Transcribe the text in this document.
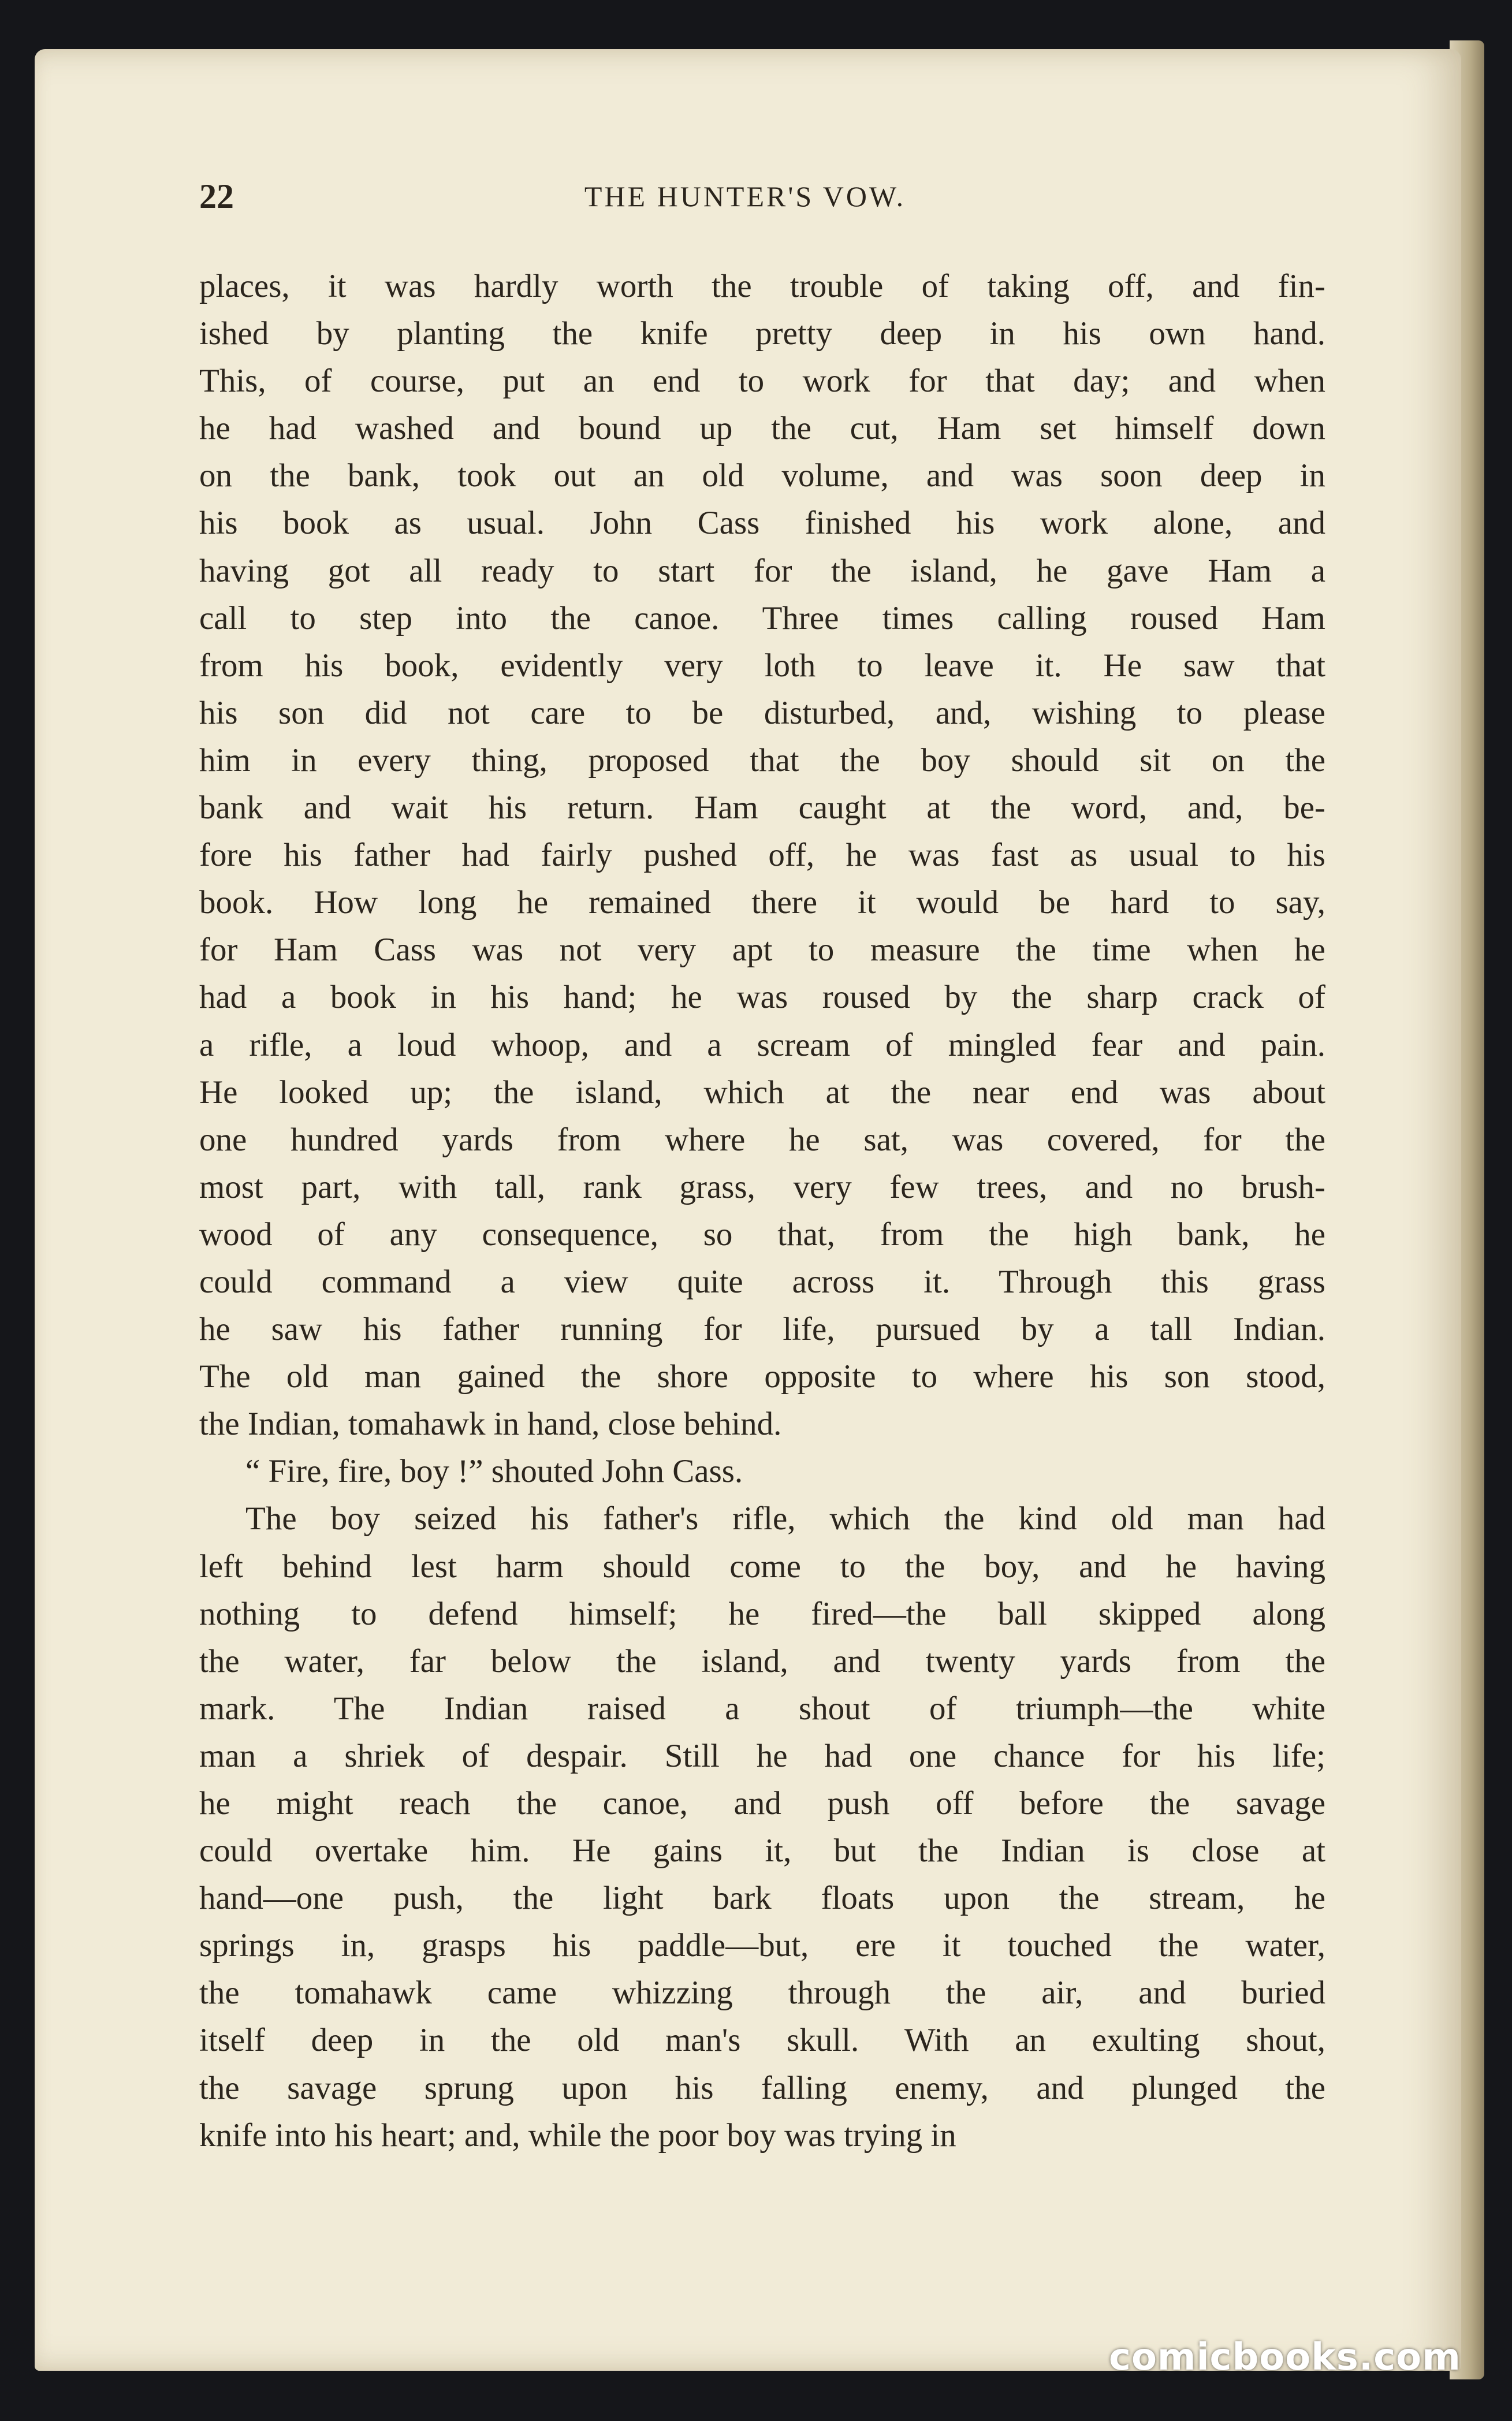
22	THE HUNTER'S VOW.

places, it was hardly worth the trouble of taking off, and fin-
ished by planting the knife pretty deep in his own hand.
This, of course, put an end to work for that day; and when
he had washed and bound up the cut, Ham set himself down
on the bank, took out an old volume, and was soon deep in
his book as usual. John Cass finished his work alone, and
having got all ready to start for the island, he gave Ham a
call to step into the canoe. Three times calling roused Ham
from his book, evidently very loth to leave it. He saw that
his son did not care to be disturbed, and, wishing to please
him in every thing, proposed that the boy should sit on the
bank and wait his return. Ham caught at the word, and, be-
fore his father had fairly pushed off, he was fast as usual to his
book. How long he remained there it would be hard to say,
for Ham Cass was not very apt to measure the time when he
had a book in his hand; he was roused by the sharp crack of
a rifle, a loud whoop, and a scream of mingled fear and pain.
He looked up; the island, which at the near end was about
one hundred yards from where he sat, was covered, for the
most part, with tall, rank grass, very few trees, and no brush-
wood of any consequence, so that, from the high bank, he
could command a view quite across it. Through this grass
he saw his father running for life, pursued by a tall Indian.
The old man gained the shore opposite to where his son stood,
the Indian, tomahawk in hand, close behind.

“ Fire, fire, boy !” shouted John Cass.

The boy seized his father's rifle, which the kind old man had
left behind lest harm should come to the boy, and he having
nothing to defend himself; he fired—the ball skipped along
the water, far below the island, and twenty yards from the
mark. The Indian raised a shout of triumph—the white
man a shriek of despair. Still he had one chance for his life;
he might reach the canoe, and push off before the savage
could overtake him. He gains it, but the Indian is close at
hand—one push, the light bark floats upon the stream, he
springs in, grasps his paddle—but, ere it touched the water,
the tomahawk came whizzing through the air, and buried
itself deep in the old man's skull. With an exulting shout,
the savage sprung upon his falling enemy, and plunged the
knife into his heart; and, while the poor boy was trying in

comicbooks.com
